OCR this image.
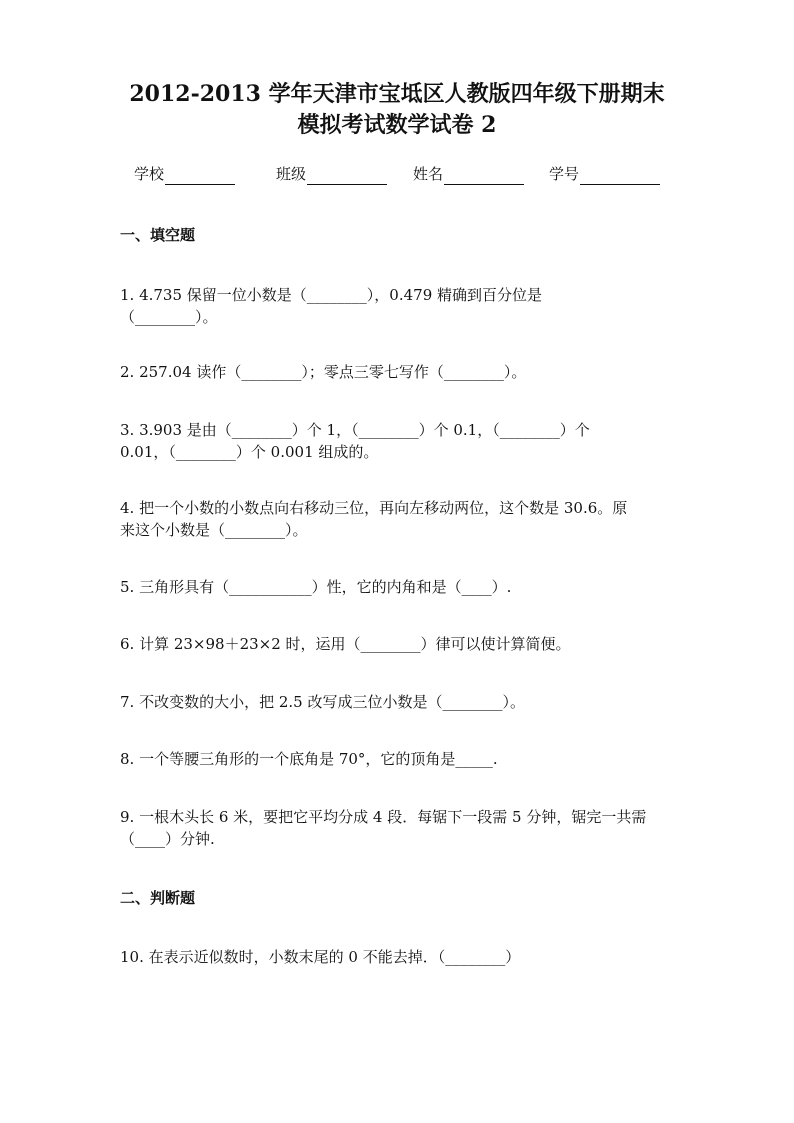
2012-2013 学年天津市宝坻区人教版四年级下册期末
模拟考试数学试卷 2
学校	班级	姓名	学号
一、填空题
1. 4.735 保留一位小数是（________），0.479 精确到百分位是
（________）。
2. 257.04 读作（________）；零点三零七写作（________）。
3. 3.903 是由（________）个 1，（________）个 0.1，（________）个
0.01，（________）个 0.001 组成的。
4. 把一个小数的小数点向右移动三位，再向左移动两位，这个数是 30.6。原
来这个小数是（________）。
5. 三角形具有（___________）性，它的内角和是（____）.
6. 计算 23×98＋23×2 时，运用（________）律可以使计算简便。
7. 不改变数的大小，把 2.5 改写成三位小数是（________）。
8. 一个等腰三角形的一个底角是 70°，它的顶角是_____.
9. 一根木头长 6 米，要把它平均分成 4 段．每锯下一段需 5 分钟，锯完一共需
（____）分钟.
二、判断题
10. 在表示近似数时，小数末尾的 0 不能去掉．（________）
